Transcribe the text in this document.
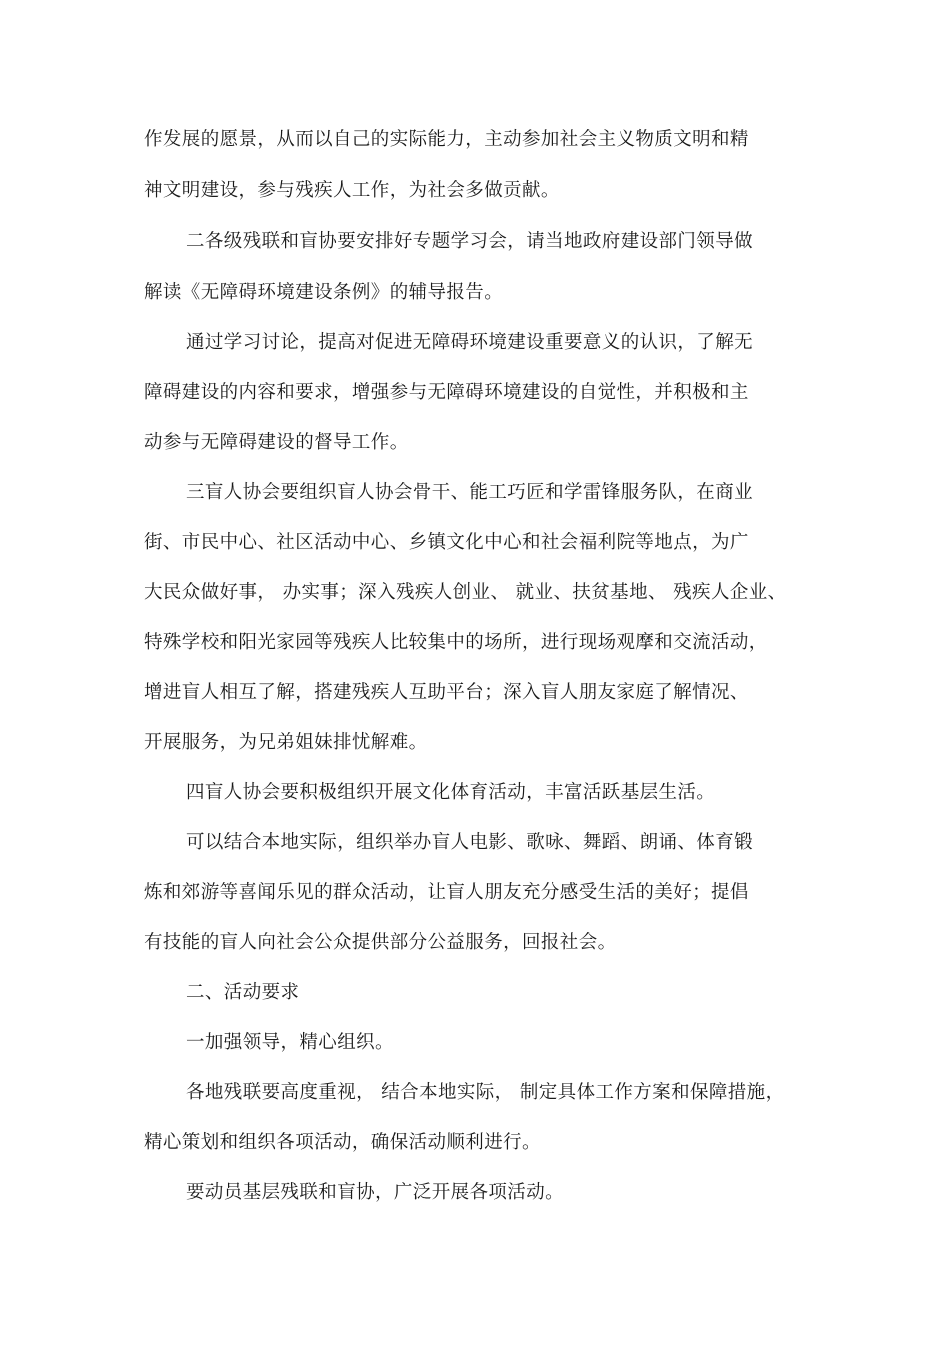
作发展的愿景，从而以自己的实际能力，主动参加社会主义物质文明和精
神文明建设，参与残疾人工作，为社会多做贡献。
二各级残联和盲协要安排好专题学习会，请当地政府建设部门领导做
解读《无障碍环境建设条例》的辅导报告。
通过学习讨论，提高对促进无障碍环境建设重要意义的认识，了解无
障碍建设的内容和要求，增强参与无障碍环境建设的自觉性，并积极和主
动参与无障碍建设的督导工作。
三盲人协会要组织盲人协会骨干、能工巧匠和学雷锋服务队，在商业
街、市民中心、社区活动中心、乡镇文化中心和社会福利院等地点，为广
大民众做好事， 办实事；深入残疾人创业、 就业、扶贫基地、 残疾人企业、
特殊学校和阳光家园等残疾人比较集中的场所，进行现场观摩和交流活动，
增进盲人相互了解，搭建残疾人互助平台；深入盲人朋友家庭了解情况、
开展服务，为兄弟姐妹排忧解难。
四盲人协会要积极组织开展文化体育活动，丰富活跃基层生活。
可以结合本地实际，组织举办盲人电影、歌咏、舞蹈、朗诵、体育锻
炼和郊游等喜闻乐见的群众活动，让盲人朋友充分感受生活的美好；提倡
有技能的盲人向社会公众提供部分公益服务，回报社会。
二、活动要求
一加强领导，精心组织。
各地残联要高度重视， 结合本地实际， 制定具体工作方案和保障措施，
精心策划和组织各项活动，确保活动顺利进行。
要动员基层残联和盲协，广泛开展各项活动。
